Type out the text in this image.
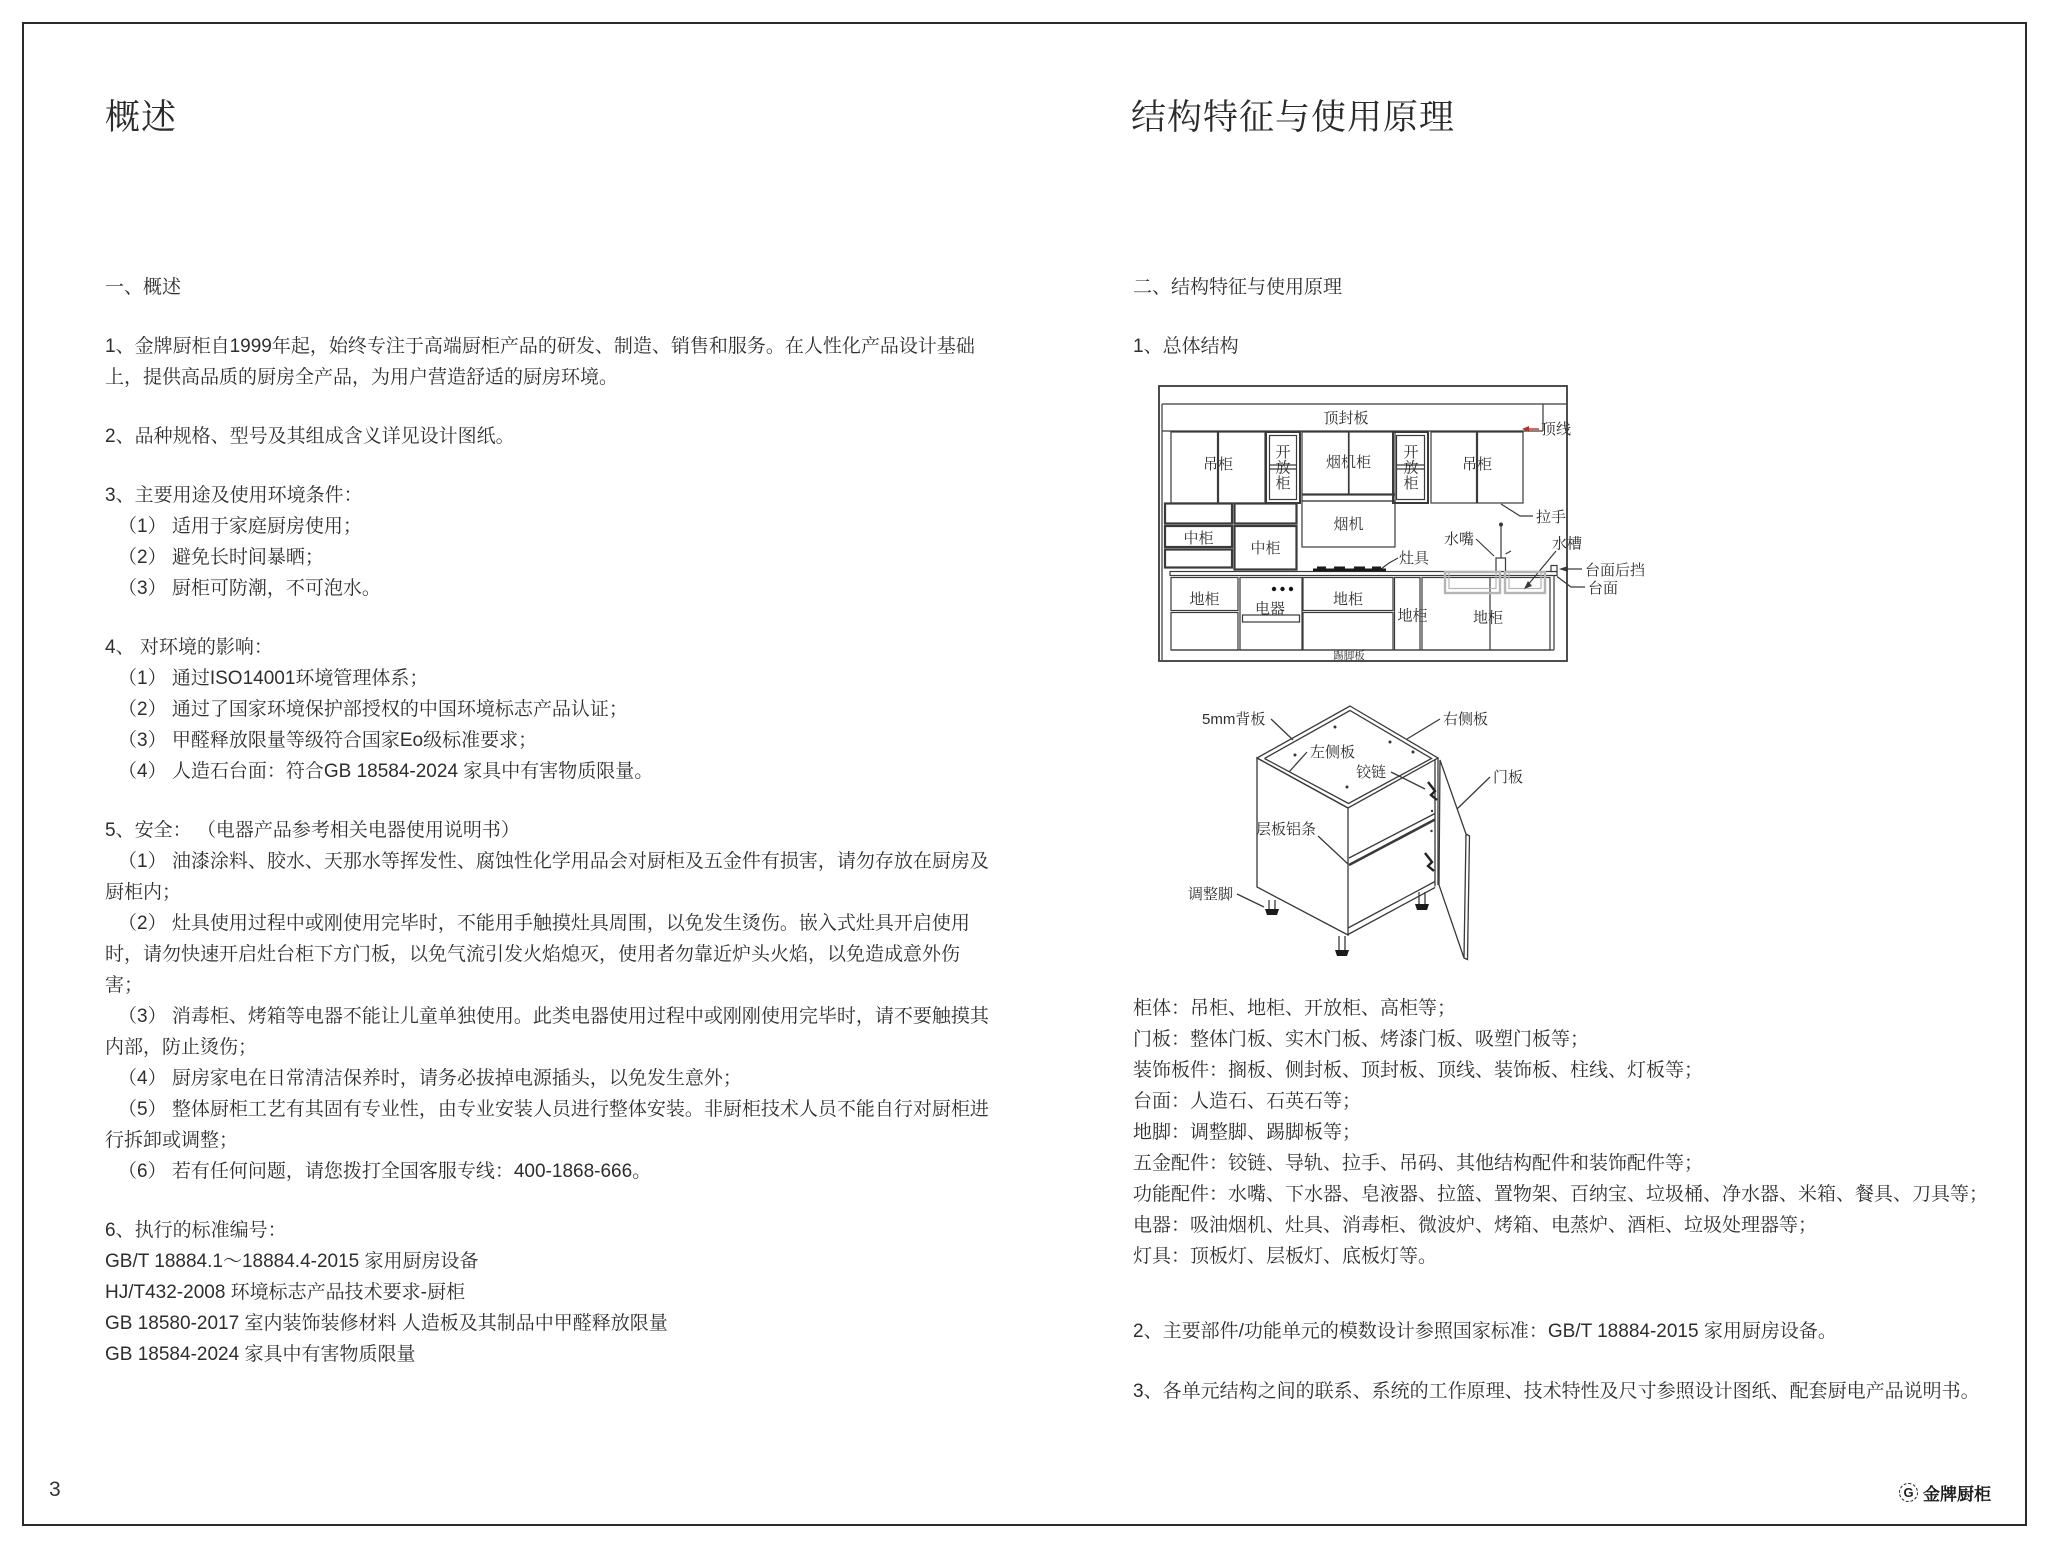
概述	结构特征与使用原理

一、概述

1、金牌厨柜自1999年起，始终专注于高端厨柜产品的研发、制造、销售和服务。在人性化产品设计基础上，提供高品质的厨房全产品，为用户营造舒适的厨房环境。

2、品种规格、型号及其组成含义详见设计图纸。

3、主要用途及使用环境条件：

（1） 适用于家庭厨房使用；

（2） 避免长时间暴晒；

（3） 厨柜可防潮，不可泡水。

4、 对环境的影响：

（1） 通过ISO14001环境管理体系；

（2） 通过了国家环境保护部授权的中国环境标志产品认证；

（3） 甲醛释放限量等级符合国家Eo级标准要求；

（4） 人造石台面：符合GB 18584-2024 家具中有害物质限量。

5、安全： （电器产品参考相关电器使用说明书）

（1） 油漆涂料、胶水、天那水等挥发性、腐蚀性化学用品会对厨柜及五金件有损害，请勿存放在厨房及厨柜内；

（2） 灶具使用过程中或刚使用完毕时，不能用手触摸灶具周围，以免发生烫伤。嵌入式灶具开启使用时，请勿快速开启灶台柜下方门板，以免气流引发火焰熄灭，使用者勿靠近炉头火焰，以免造成意外伤害；

（3） 消毒柜、烤箱等电器不能让儿童单独使用。此类电器使用过程中或刚刚使用完毕时，请不要触摸其内部，防止烫伤；

（4） 厨房家电在日常清洁保养时，请务必拔掉电源插头，以免发生意外；

（5） 整体厨柜工艺有其固有专业性，由专业安装人员进行整体安装。非厨柜技术人员不能自行对厨柜进行拆卸或调整；

（6） 若有任何问题，请您拨打全国客服专线：400-1868-666。

6、执行的标准编号：

GB/T 18884.1～18884.4-2015 家用厨房设备

HJ/T432-2008 环境标志产品技术要求-厨柜

GB 18580-2017 室内装饰装修材料 人造板及其制品中甲醛释放限量

GB 18584-2024 家具中有害物质限量

二、结构特征与使用原理

1、总体结构

顶封板
顶线
吊柜
开放柜
烟机柜
开放柜
吊柜
拉手
中柜
中柜
烟机
灶具
水嘴	水槽
台面后挡
台面
地柜
电器
地柜
地柜	地柜
踢脚板
5mm背板	右侧板
左侧板
铰链	门板
层板铝条
调整脚

柜体：吊柜、地柜、开放柜、高柜等；

门板：整体门板、实木门板、烤漆门板、吸塑门板等；

装饰板件：搁板、侧封板、顶封板、顶线、装饰板、柱线、灯板等；

台面：人造石、石英石等；

地脚：调整脚、踢脚板等；

五金配件：铰链、导轨、拉手、吊码、其他结构配件和装饰配件等；

功能配件：水嘴、下水器、皂液器、拉篮、置物架、百纳宝、垃圾桶、净水器、米箱、餐具、刀具等；

电器：吸油烟机、灶具、消毒柜、微波炉、烤箱、电蒸炉、酒柜、垃圾处理器等；

灯具：顶板灯、层板灯、底板灯等。

2、主要部件/功能单元的模数设计参照国家标准：GB/T 18884-2015 家用厨房设备。

3、各单元结构之间的联系、系统的工作原理、技术特性及尺寸参照设计图纸、配套厨电产品说明书。

3	G 金牌厨柜
